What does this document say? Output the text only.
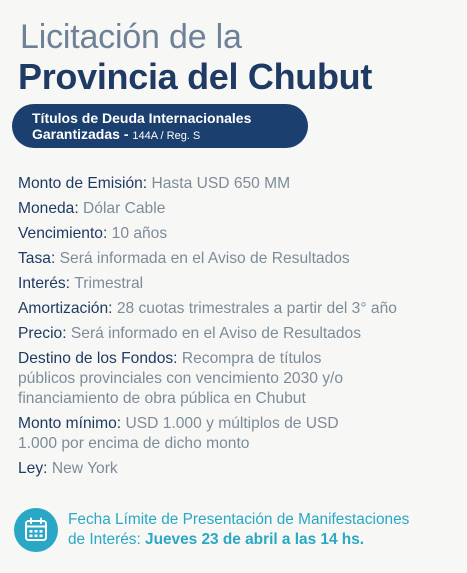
Licitación de la
Provincia del Chubut
Títulos de Deuda Internacionales
Garantizadas - 144A / Reg. S
Monto de Emisión: Hasta USD 650 MM
Moneda: Dólar Cable
Vencimiento: 10 años
Tasa: Será informada en el Aviso de Resultados
Interés: Trimestral
Amortización: 28 cuotas trimestrales a partir del 3° año
Precio: Será informado en el Aviso de Resultados
Destino de los Fondos: Recompra de títulos
públicos provinciales con vencimiento 2030 y/o
financiamiento de obra pública en Chubut
Monto mínimo: USD 1.000 y múltiplos de USD
1.000 por encima de dicho monto
Ley: New York
Fecha Límite de Presentación de Manifestaciones
de Interés: Jueves 23 de abril a las 14 hs.
